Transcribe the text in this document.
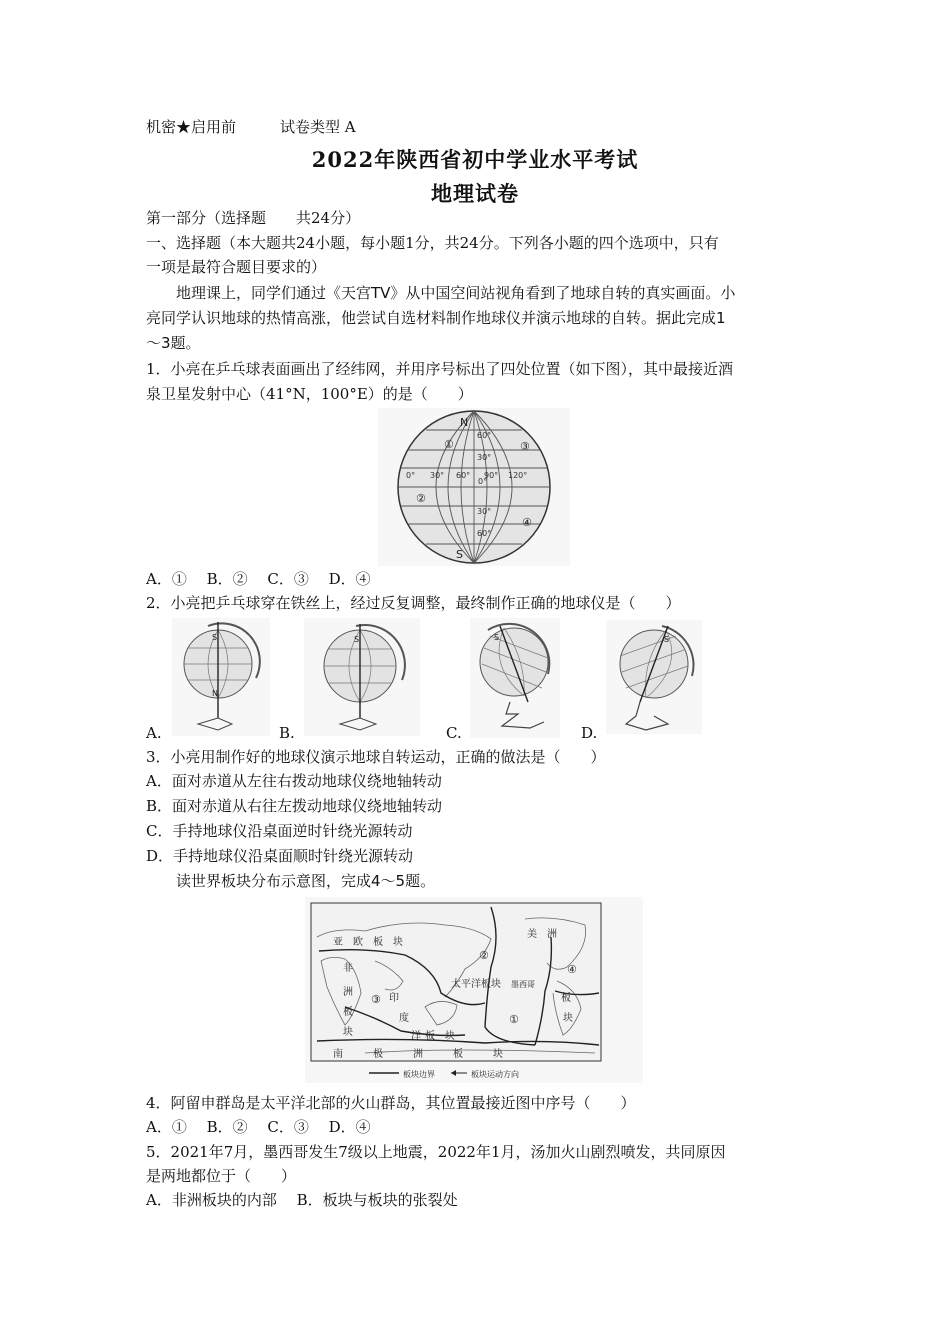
机密★启用前	试卷类型 A
2022年陕西省初中学业水平考试
地理试卷
第一部分（选择题　　共24分）
一、选择题（本大题共24小题，每小题1分，共24分。下列各小题的四个选项中，只有
一项是最符合题目要求的）
地理课上，同学们通过《天宫TV》从中国空间站视角看到了地球自转的真实画面。小
亮同学认识地球的热情高涨，他尝试自选材料制作地球仪并演示地球的自转。据此完成1
～3题。
1．小亮在乒乓球表面画出了经纬网，并用序号标出了四处位置（如下图），其中最接近酒
泉卫星发射中心（41°N，100°E）的是（　　）
N
S
①
②
③
④
60°
30°
0°
30°
60°
0° 30° 60° 90° 120°
A．①　 B．②　 C．③　 D．④
2．小亮把乒乓球穿在铁丝上，经过反复调整，最终制作正确的地球仪是（　　）
S
N
S	S	S
A.	B.	C.	D.
3．小亮用制作好的地球仪演示地球自转运动，正确的做法是（　　）
A．面对赤道从左往右拨动地球仪绕地轴转动
B．面对赤道从右往左拨动地球仪绕地轴转动
C．手持地球仪沿桌面逆时针绕光源转动
D．手持地球仪沿桌面顺时针绕光源转动
读世界板块分布示意图，完成4～5题。
亚　欧　板　块
美　洲
板
块
非
洲
板
块
印
度
洋 板　块
太平洋板块 墨西哥
南　　　极　　　洲　　　板　　　块
①
②
③
④
板块边界	板块运动方向
4．阿留申群岛是太平洋北部的火山群岛，其位置最接近图中序号（　　）
A．①　 B．②　 C．③　 D．④
5．2021年7月，墨西哥发生7级以上地震，2022年1月，汤加火山剧烈喷发，共同原因
是两地都位于（　　）
A．非洲板块的内部　 B．板块与板块的张裂处
